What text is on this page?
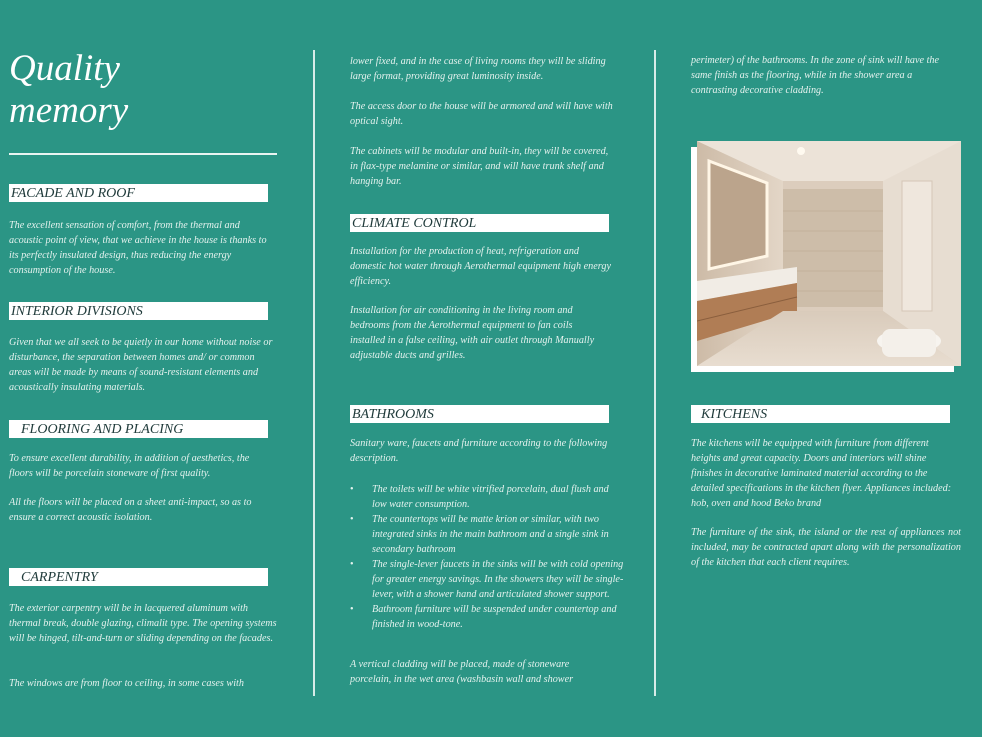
Quality
memory
FACADE AND ROOF

The excellent sensation of comfort, from the thermal and acoustic point of view, that we achieve in the house is thanks to its perfectly insulated design, thus reducing the energy consumption of the house.

INTERIOR DIVISIONS

Given that we all seek to be quietly in our home without noise or disturbance, the separation between homes and/ or common areas will be made by means of sound-resistant elements and acoustically insulating materials.

FLOORING AND PLACING

To ensure excellent durability, in addition of aesthetics, the floors will be porcelain stoneware of first quality.

All the floors will be placed on a sheet anti-impact, so as to ensure a correct acoustic isolation.

CARPENTRY

The exterior carpentry will be in lacquered aluminum with thermal break, double glazing, climalit type. The opening systems will be hinged, tilt-and-turn or sliding depending on the facades.

The windows are from floor to ceiling, in some cases with

lower fixed, and in the case of living rooms they will be sliding large format, providing great luminosity inside.

The access door to the house will be armored and will have with optical sight.

The cabinets will be modular and built-in, they will be covered, in flax-type melamine or similar, and will have trunk shelf and hanging bar.

CLIMATE CONTROL

Installation for the production of heat, refrigeration and domestic hot water through Aerothermal equipment high energy efficiency.

Installation for air conditioning in the living room and bedrooms from the Aerothermal equipment to fan coils installed in a false ceiling, with air outlet through Manually adjustable ducts and grilles.

BATHROOMS

Sanitary ware, faucets and furniture according to the following description.

• The toilets will be white vitrified porcelain, dual flush and low water consumption.
• The countertops will be matte krion or similar, with two integrated sinks in the main bathroom and a single sink in secondary bathroom
• The single-lever faucets in the sinks will be with cold opening for greater energy savings. In the showers they will be single-lever, with a shower hand and articulated shower support.
• Bathroom furniture will be suspended under countertop and finished in wood-tone.

A vertical cladding will be placed, made of stoneware porcelain, in the wet area (washbasin wall and shower

perimeter) of the bathrooms. In the zone of sink will have the same finish as the flooring, while in the shower area a contrasting decorative cladding.

KITCHENS

The kitchens will be equipped with furniture from different heights and great capacity. Doors and interiors will shine finishes in decorative laminated material according to the detailed specifications in the kitchen flyer. Appliances included: hob, oven and hood Beko brand

The furniture of the sink, the island or the rest of appliances not included, may be contracted apart along with the personalization of the kitchen that each client requires.
